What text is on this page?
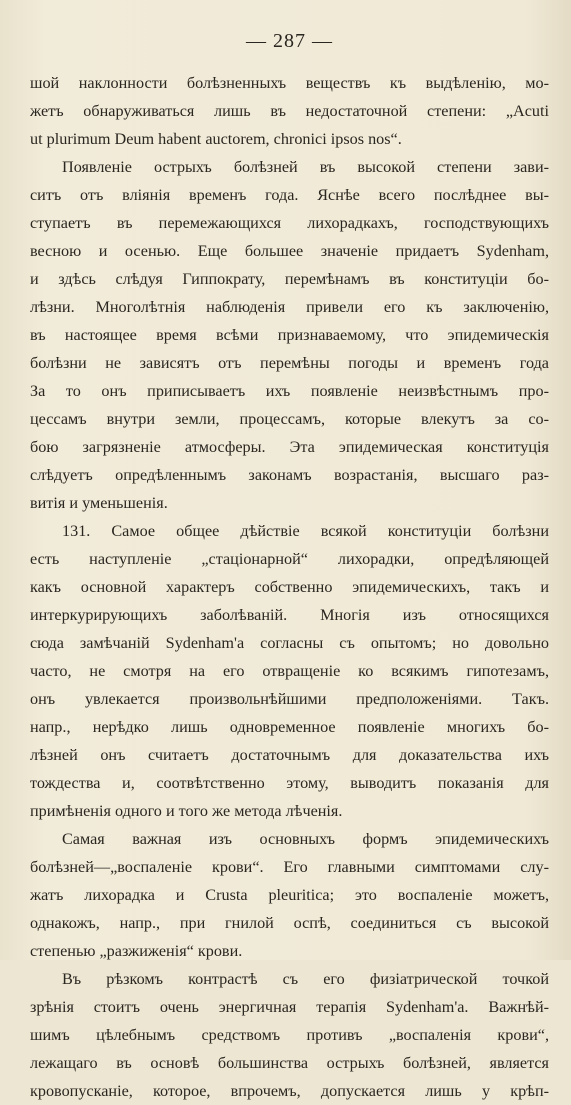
— 287 —
шой наклонности болѣзненныхъ веществъ къ выдѣленію, мо-
жетъ обнаруживаться лишь въ недостаточной степени: „Acuti
ut plurimum Deum habent auctorem, chronici ipsos nos“.
Появленіе острыхъ болѣзней въ высокой степени зави-
ситъ отъ вліянія временъ года. Яснѣе всего послѣднее вы-
ступаетъ въ перемежающихся лихорадкахъ, господствующихъ
весною и осенью. Еще большее значеніе придаетъ Sydenham,
и здѣсь слѣдуя Гиппократу, перемѣнамъ въ конституціи бо-
лѣзни. Многолѣтнія наблюденія привели его къ заключенію,
въ настоящее время всѣми признаваемому, что эпидемическія
болѣзни не зависятъ отъ перемѣны погоды и временъ года
За то онъ приписываетъ ихъ появленіе неизвѣстнымъ про-
цессамъ внутри земли, процессамъ, которые влекутъ за со-
бою загрязненіе атмосферы. Эта эпидемическая конституція
слѣдуетъ опредѣленнымъ законамъ возрастанія, высшаго раз-
витія и уменьшенія.
131. Самое общее дѣйствіе всякой конституціи болѣзни
есть наступленіе „стаціонарной“ лихорадки, опредѣляющей
какъ основной характеръ собственно эпидемическихъ, такъ и
интеркурирующихъ заболѣваній. Многія изъ относящихся
сюда замѣчаній Sydenham'а согласны съ опытомъ; но довольно
часто, не смотря на его отвращеніе ко всякимъ гипотезамъ,
онъ увлекается произвольнѣйшими предположеніями. Такъ.
напр., нерѣдко лишь одновременное появленіе многихъ бо-
лѣзней онъ считаетъ достаточнымъ для доказательства ихъ
тождества и, соотвѣтственно этому, выводитъ показанія для
примѣненія одного и того же метода лѣченія.
Самая важная изъ основныхъ формъ эпидемическихъ
болѣзней—„воспаленіе крови“. Его главными симптомами слу-
жатъ лихорадка и Crusta pleuritica; это воспаленіе можетъ,
однакожъ, напр., при гнилой оспѣ, соединиться съ высокой
степенью „разжиженія“ крови.
Въ рѣзкомъ контрастѣ съ его физіатрической точкой
зрѣнія стоитъ очень энергичная терапія Sydenham'а. Важнѣй-
шимъ цѣлебнымъ средствомъ противъ „воспаленія крови“,
лежащаго въ основѣ большинства острыхъ болѣзней, является
кровопусканіе, которое, впрочемъ, допускается лишь у крѣп-
